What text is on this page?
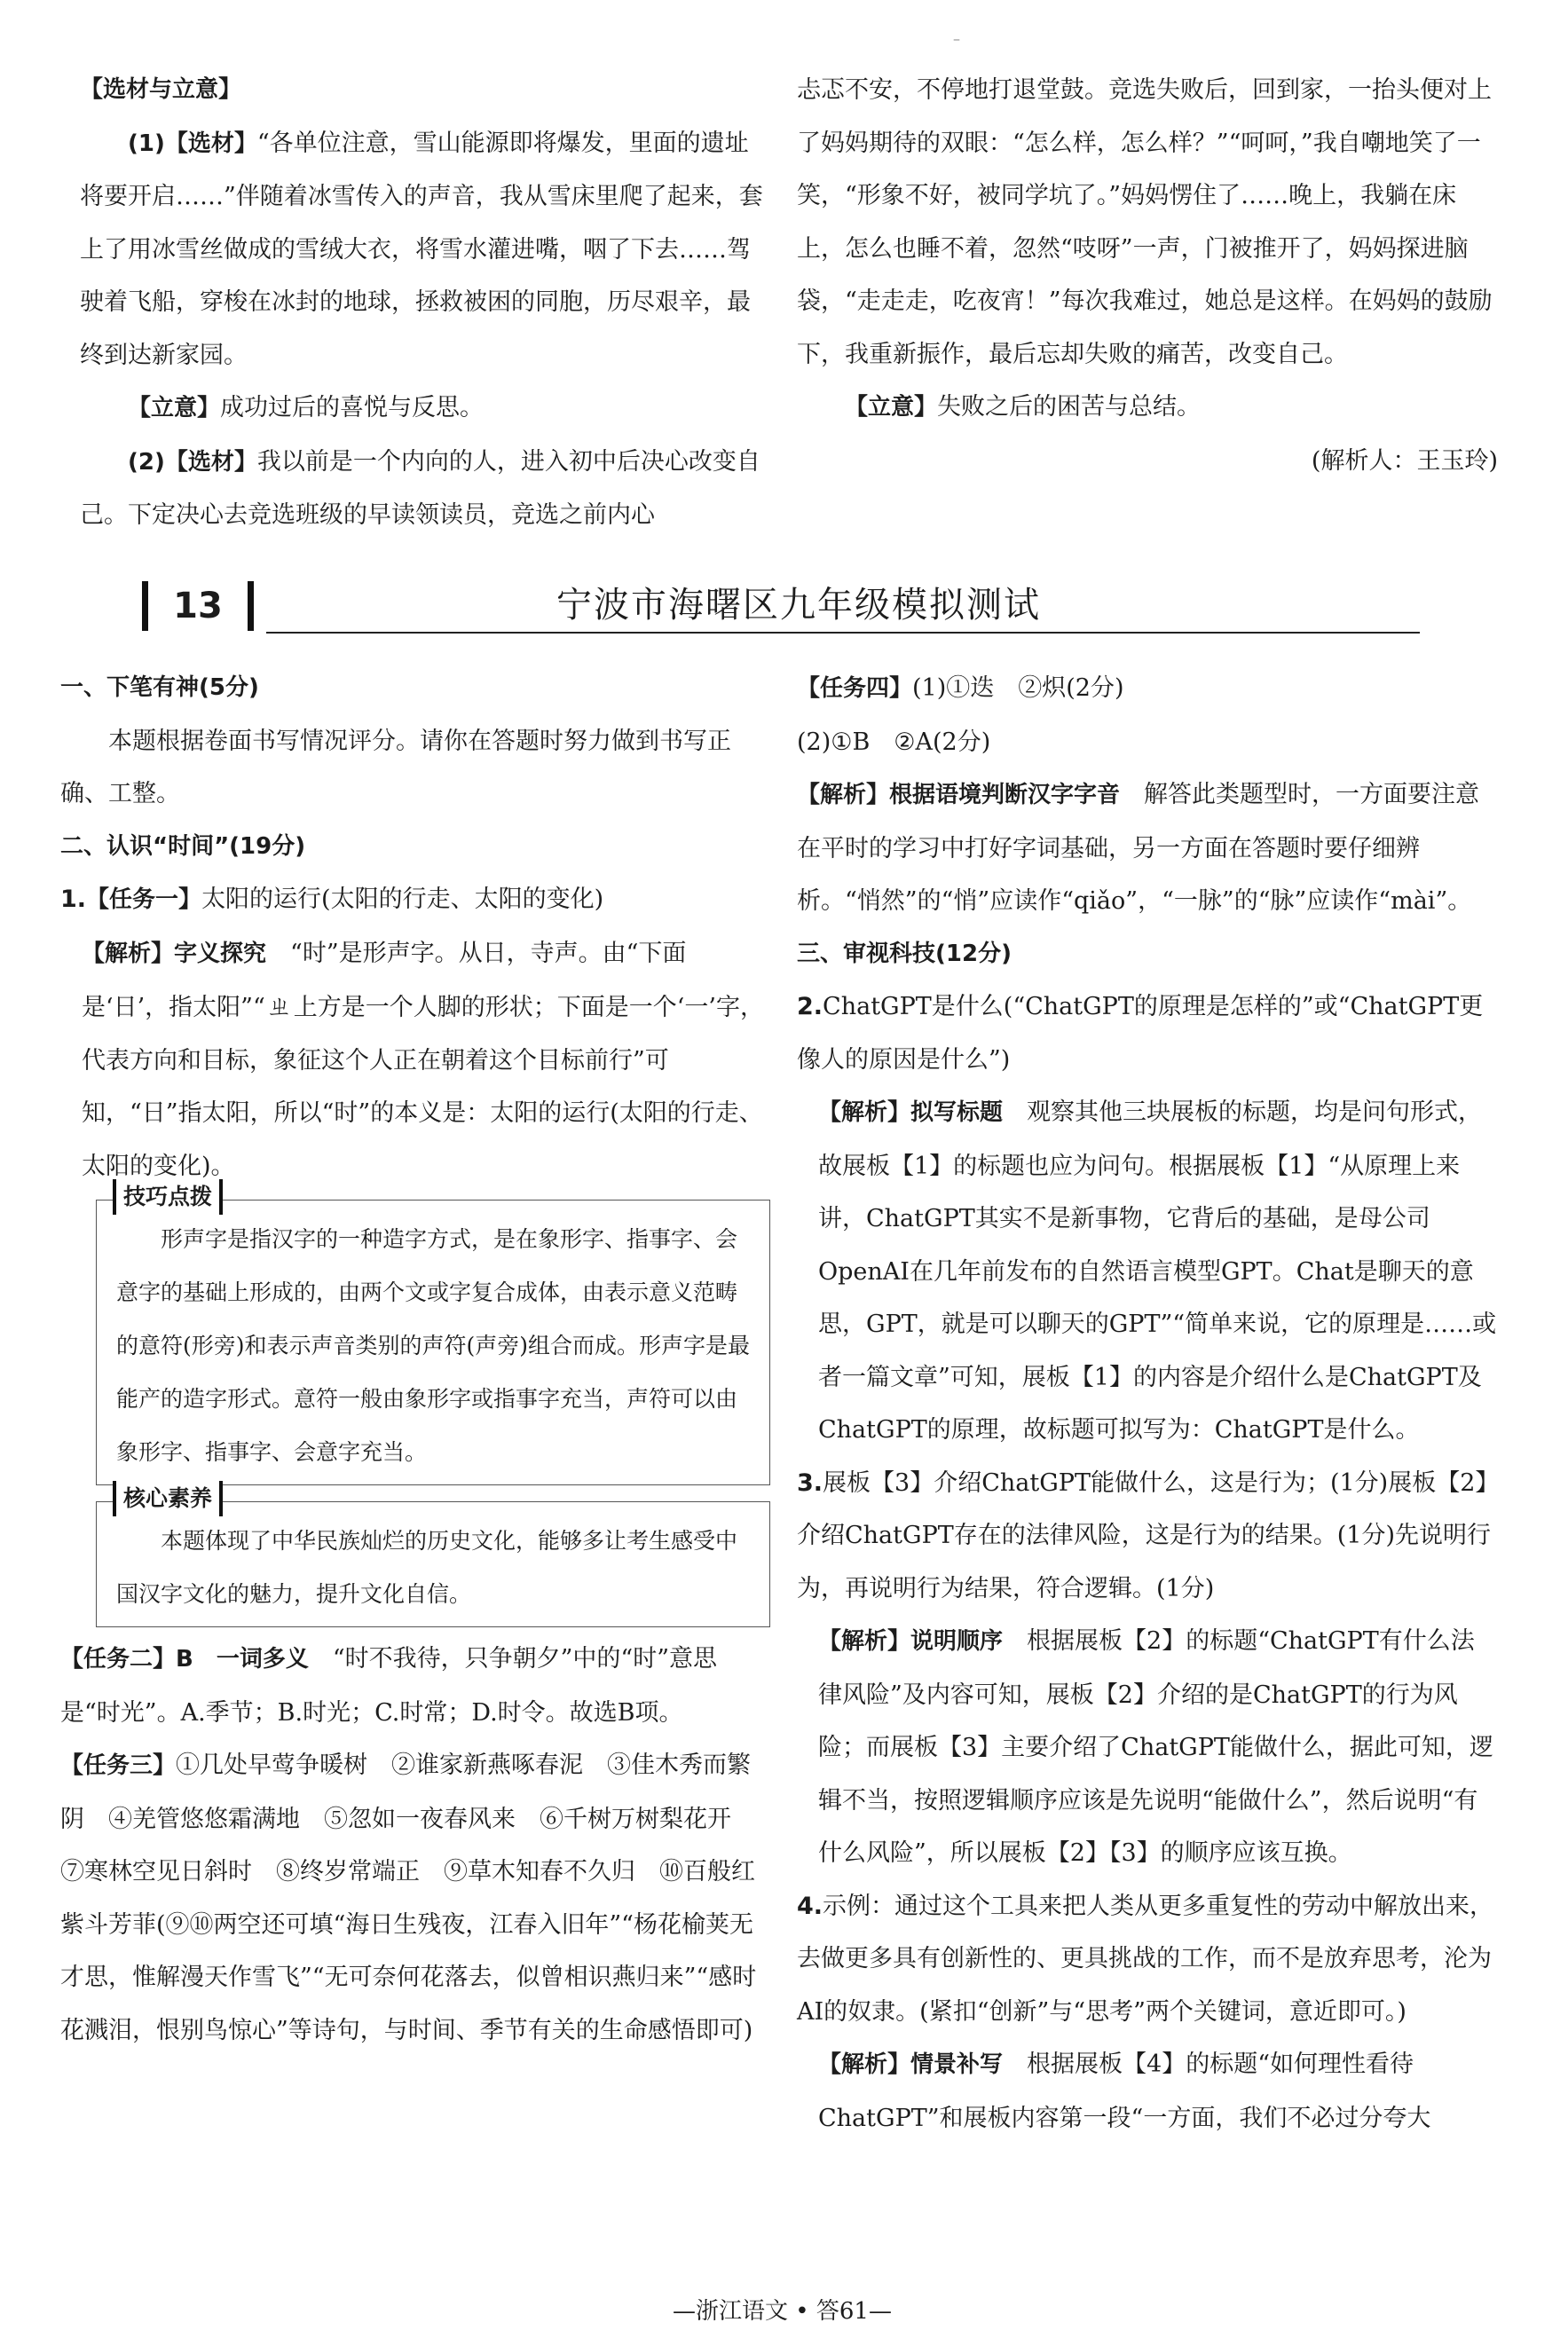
–

【选材与立意】

(1)【选材】“各单位注意，雪山能源即将爆发，里面的遗址将要开启……”伴随着冰雪传入的声音，我从雪床里爬了起来，套上了用冰雪丝做成的雪绒大衣，将雪水灌进嘴，咽了下去……驾驶着飞船，穿梭在冰封的地球，拯救被困的同胞，历尽艰辛，最终到达新家园。

【立意】成功过后的喜悦与反思。

(2)【选材】我以前是一个内向的人，进入初中后决心改变自己。下定决心去竞选班级的早读领读员，竞选之前内心

忐忑不安，不停地打退堂鼓。竞选失败后，回到家，一抬头便对上了妈妈期待的双眼：“怎么样，怎么样？”“呵呵，”我自嘲地笑了一笑，“形象不好，被同学坑了。”妈妈愣住了……晚上，我躺在床上，怎么也睡不着，忽然“吱呀”一声，门被推开了，妈妈探进脑袋，“走走走，吃夜宵！”每次我难过，她总是这样。在妈妈的鼓励下，我重新振作，最后忘却失败的痛苦，改变自己。

【立意】失败之后的困苦与总结。

(解析人：王玉玲)

13	宁波市海曙区九年级模拟测试

一、下笔有神(5分)

本题根据卷面书写情况评分。请你在答题时努力做到书写正确、工整。

二、认识“时间”(19分)

1.【任务一】太阳的运行(太阳的行走、太阳的变化)

【解析】字义探究　 “时”是形声字。从日，寺声。由“下面是‘日’，指太阳”“ㄓ上方是一个人脚的形状；下面是一个‘一’字，代表方向和目标，象征这个人正在朝着这个目标前行”可知，“日”指太阳，所以“时”的本义是：太阳的运行(太阳的行走、太阳的变化)。

技巧点拨

形声字是指汉字的一种造字方式，是在象形字、指事字、会意字的基础上形成的，由两个文或字复合成体，由表示意义范畴的意符(形旁)和表示声音类别的声符(声旁)组合而成。形声字是最能产的造字形式。意符一般由象形字或指事字充当，声符可以由象形字、指事字、会意字充当。

核心素养

本题体现了中华民族灿烂的历史文化，能够多让考生感受中国汉字文化的魅力，提升文化自信。

【任务二】B　一词多义　 “时不我待，只争朝夕”中的“时”意思是“时光”。A.季节；B.时光；C.时常；D.时令。故选B项。

【任务三】①几处早莺争暖树　②谁家新燕啄春泥　③佳木秀而繁阴　④羌管悠悠霜满地　⑤忽如一夜春风来　⑥千树万树梨花开　⑦寒林空见日斜时　⑧终岁常端正　⑨草木知春不久归　⑩百般红紫斗芳菲(⑨⑩两空还可填“海日生残夜，江春入旧年”“杨花榆荚无才思，惟解漫天作雪飞”“无可奈何花落去，似曾相识燕归来”“感时花溅泪，恨别鸟惊心”等诗句，与时间、季节有关的生命感悟即可)

【任务四】(1)①迭　②炽(2分)

(2)①B　②A(2分)

【解析】根据语境判断汉字字音　 解答此类题型时，一方面要注意在平时的学习中打好字词基础，另一方面在答题时要仔细辨析。“悄然”的“悄”应读作“qiǎo”，“一脉”的“脉”应读作“mài”。

三、审视科技(12分)

2.ChatGPT是什么(“ChatGPT的原理是怎样的”或“ChatGPT更像人的原因是什么”)

【解析】拟写标题　 观察其他三块展板的标题，均是问句形式，故展板【1】的标题也应为问句。根据展板【1】“从原理上来讲，ChatGPT其实不是新事物，它背后的基础，是母公司OpenAI在几年前发布的自然语言模型GPT。Chat是聊天的意思，GPT，就是可以聊天的GPT”“简单来说，它的原理是……或者一篇文章”可知，展板【1】的内容是介绍什么是ChatGPT及ChatGPT的原理，故标题可拟写为：ChatGPT是什么。

3.展板【3】介绍ChatGPT能做什么，这是行为；(1分)展板【2】介绍ChatGPT存在的法律风险，这是行为的结果。(1分)先说明行为，再说明行为结果，符合逻辑。(1分)

【解析】说明顺序　 根据展板【2】的标题“ChatGPT有什么法律风险”及内容可知，展板【2】介绍的是ChatGPT的行为风险；而展板【3】主要介绍了ChatGPT能做什么，据此可知，逻辑不当，按照逻辑顺序应该是先说明“能做什么”，然后说明“有什么风险”，所以展板【2】【3】的顺序应该互换。

4.示例：通过这个工具来把人类从更多重复性的劳动中解放出来，去做更多具有创新性的、更具挑战的工作，而不是放弃思考，沦为AI的奴隶。(紧扣“创新”与“思考”两个关键词，意近即可。)

【解析】情景补写　 根据展板【4】的标题“如何理性看待ChatGPT”和展板内容第一段“一方面，我们不必过分夸大

—浙江语文 • 答61—
